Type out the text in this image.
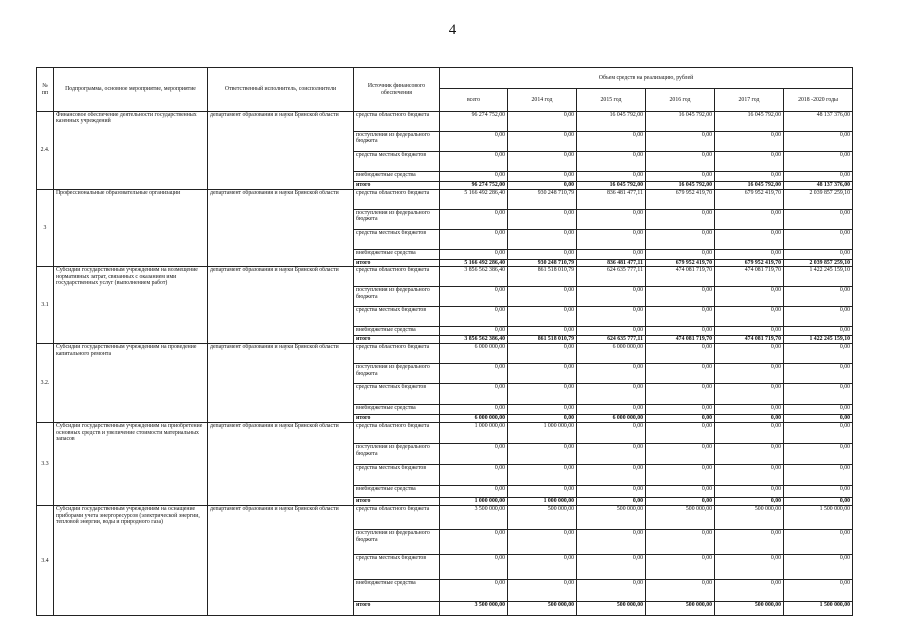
4
№ пп	Подпрограмма, основное мероприятие, мероприятие	Ответственный исполнитель, соисполнители	Источник финансового обеспечения	Объем средств на реализацию, рублей					
				всего	2014 год	2015 год	2016 год	2017 год	2018 -2020 годы
2.4.	Финансовое обеспечение деятельности государственных казенных учреждений	департамент образования и науки Брянской области	средства областного бюджета	96 274 752,00	0,00	16 045 792,00	16 045 792,00	16 045 792,00	48 137 376,00
			поступления из федерального бюджета	0,00	0,00	0,00	0,00	0,00	0,00
			средства местных бюджетов	0,00	0,00	0,00	0,00	0,00	0,00
			внебюджетные средства	0,00	0,00	0,00	0,00	0,00	0,00
			итого	96 274 752,00	0,00	16 045 792,00	16 045 792,00	16 045 792,00	48 137 376,00
3	Профессиональные образовательные организации	департамент образования и науки Брянской области	средства областного бюджета	5 166 492 286,40	930 248 710,79	836 481 477,11	679 952 419,70	679 952 419,70	2 039 857 259,10
			поступления из федерального бюджета	0,00	0,00	0,00	0,00	0,00	0,00
			средства местных бюджетов	0,00	0,00	0,00	0,00	0,00	0,00
			внебюджетные средства	0,00	0,00	0,00	0,00	0,00	0,00
			итого	5 166 492 286,40	930 248 710,79	836 481 477,11	679 952 419,70	679 952 419,70	2 039 857 259,10
3.1	Субсидии государственным учреждениям на возмещение нормативных затрат, связанных с оказанием ими государственных услуг (выполнением работ)	департамент образования и науки Брянской области	средства областного бюджета	3 856 562 386,40	861 518 010,79	624 635 777,11	474 081 719,70	474 081 719,70	1 422 245 159,10
			поступления из федерального бюджета	0,00	0,00	0,00	0,00	0,00	0,00
			средства местных бюджетов	0,00	0,00	0,00	0,00	0,00	0,00
			внебюджетные средства	0,00	0,00	0,00	0,00	0,00	0,00
			итого	3 856 562 386,40	861 518 010,79	624 635 777,11	474 081 719,70	474 081 719,70	1 422 245 159,10
3.2.	Субсидии государственным учреждениям на проведение капитального ремонта	департамент образования и науки Брянской области	средства областного бюджета	6 000 000,00	0,00	6 000 000,00	0,00	0,00	0,00
			поступления из федерального бюджета	0,00	0,00	0,00	0,00	0,00	0,00
			средства местных бюджетов	0,00	0,00	0,00	0,00	0,00	0,00
			внебюджетные средства	0,00	0,00	0,00	0,00	0,00	0,00
			итого	6 000 000,00	0,00	6 000 000,00	0,00	0,00	0,00
3.3	Субсидии государственным учреждениям на приобретение основных средств и увеличение стоимости материальных запасов	департамент образования и науки Брянской области	средства областного бюджета	1 000 000,00	1 000 000,00	0,00	0,00	0,00	0,00
			поступления из федерального бюджета	0,00	0,00	0,00	0,00	0,00	0,00
			средства местных бюджетов	0,00	0,00	0,00	0,00	0,00	0,00
			внебюджетные средства	0,00	0,00	0,00	0,00	0,00	0,00
			итого	1 000 000,00	1 000 000,00	0,00	0,00	0,00	0,00
3.4	Субсидии государственным учреждениям на оснащение приборами учета энергоресурсов (электрической энергии, тепловой энергии, воды и природного газа)	департамент образования и науки Брянской области	средства областного бюджета	3 500 000,00	500 000,00	500 000,00	500 000,00	500 000,00	1 500 000,00
			поступления из федерального бюджета	0,00	0,00	0,00	0,00	0,00	0,00
			средства местных бюджетов	0,00	0,00	0,00	0,00	0,00	0,00
			внебюджетные средства	0,00	0,00	0,00	0,00	0,00	0,00
			итого	3 500 000,00	500 000,00	500 000,00	500 000,00	500 000,00	1 500 000,00
